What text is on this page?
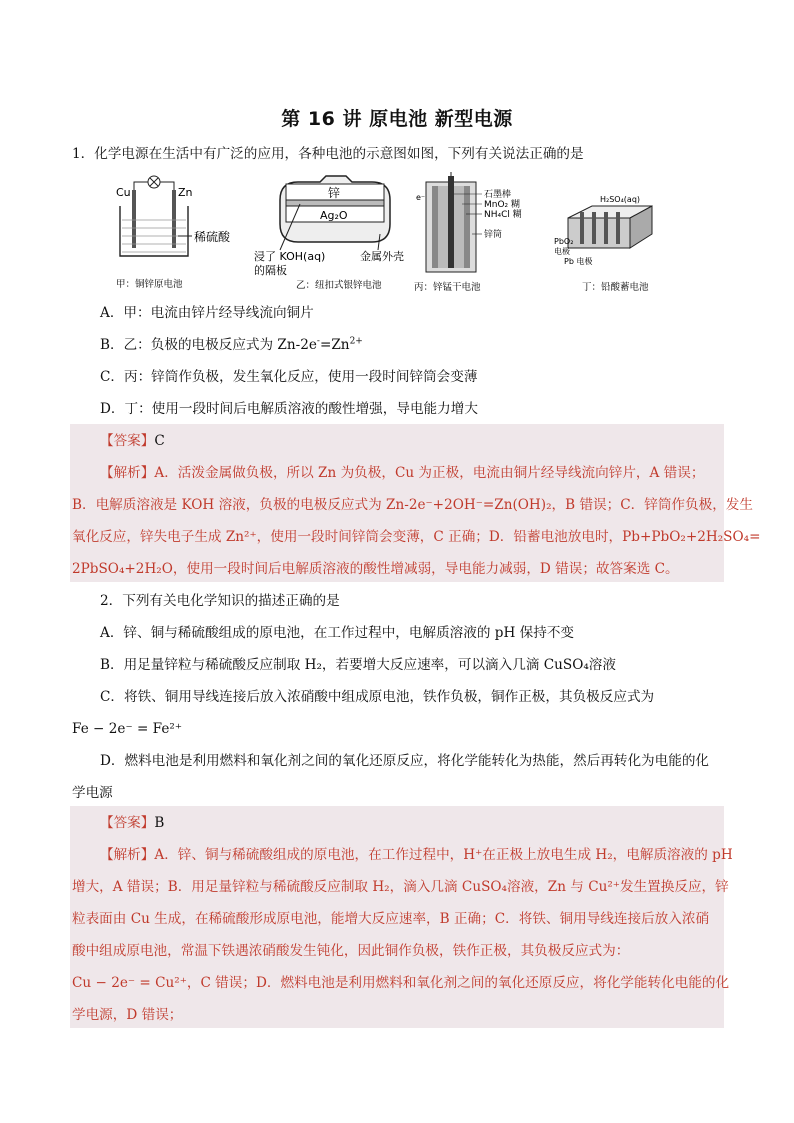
第 16 讲 原电池 新型电源
1．化学电源在生活中有广泛的应用，各种电池的示意图如图，下列有关说法正确的是
Cu	Zn
稀硫酸
甲：铜锌原电池
锌
Ag₂O
浸了 KOH(aq)
的隔板
金属外壳
乙：纽扣式银锌电池
e⁻	石墨棒
MnO₂ 糊
NH₄Cl 糊
锌筒
丙：锌锰干电池
H₂SO₄(aq)
PbO₂
电极
Pb 电极
丁：铅酸蓄电池
A．甲：电流由锌片经导线流向铜片
B．乙：负极的电极反应式为 $Zn-2e^-=Zn^{2+}$
C．丙：锌筒作负极，发生氧化反应，使用一段时间锌筒会变薄
D．丁：使用一段时间后电解质溶液的酸性增强，导电能力增大
【答案】C
【解析】A．活泼金属做负极，所以 Zn 为负极，Cu 为正极，电流由铜片经导线流向锌片，A 错误；
B．电解质溶液是 KOH 溶液，负极的电极反应式为 Zn-2e⁻+2OH⁻=Zn(OH)₂，B 错误；C．锌筒作负极，发生
氧化反应，锌失电子生成 Zn²⁺，使用一段时间锌筒会变薄，C 正确；D．铅蓄电池放电时，Pb+PbO₂+2H₂SO₄=
2PbSO₄+2H₂O，使用一段时间后电解质溶液的酸性增减弱，导电能力减弱，D 错误；故答案选 C。
2．下列有关电化学知识的描述正确的是
A．锌、铜与稀硫酸组成的原电池，在工作过程中，电解质溶液的 pH 保持不变
B．用足量锌粒与稀硫酸反应制取 H₂，若要增大反应速率，可以滴入几滴 CuSO₄溶液
C．将铁、铜用导线连接后放入浓硝酸中组成原电池，铁作负极，铜作正极，其负极反应式为
Fe − 2e⁻ = Fe²⁺
D．燃料电池是利用燃料和氧化剂之间的氧化还原反应，将化学能转化为热能，然后再转化为电能的化
学电源
【答案】B
【解析】A．锌、铜与稀硫酸组成的原电池，在工作过程中，H⁺在正极上放电生成 H₂，电解质溶液的 pH
增大，A 错误；B．用足量锌粒与稀硫酸反应制取 H₂，滴入几滴 CuSO₄溶液，Zn 与 Cu²⁺发生置换反应，锌
粒表面由 Cu 生成，在稀硫酸形成原电池，能增大反应速率，B 正确；C．将铁、铜用导线连接后放入浓硝
酸中组成原电池，常温下铁遇浓硝酸发生钝化，因此铜作负极，铁作正极，其负极反应式为：
Cu − 2e⁻ = Cu²⁺，C 错误；D．燃料电池是利用燃料和氧化剂之间的氧化还原反应，将化学能转化电能的化
学电源，D 错误；
